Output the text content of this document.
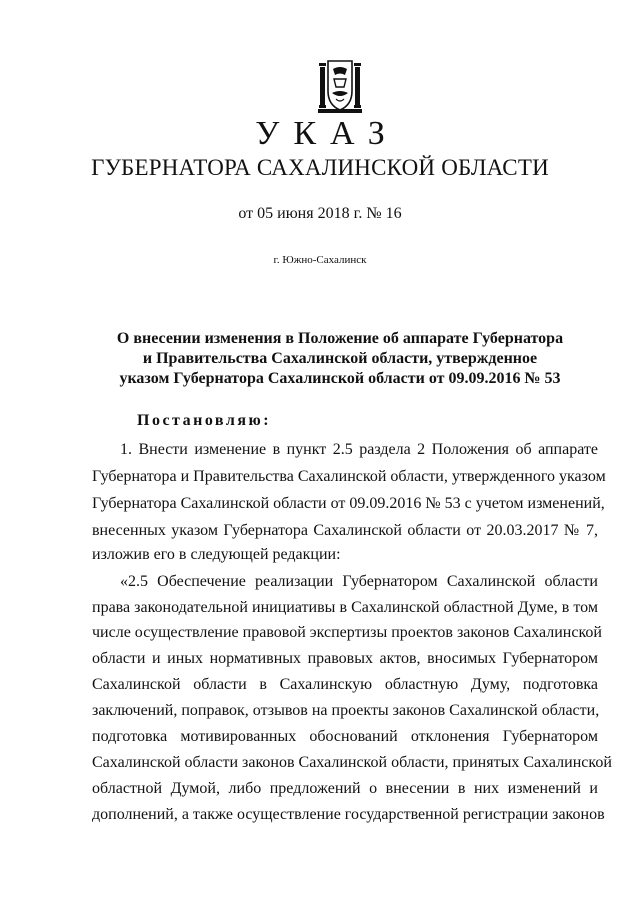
УКАЗ
ГУБЕРНАТОРА САХАЛИНСКОЙ ОБЛАСТИ
от 05 июня 2018 г. № 16
г. Южно-Сахалинск
О внесении изменения в Положение об аппарате Губернатора
и Правительства Сахалинской области, утвержденное
указом Губернатора Сахалинской области от 09.09.2016 № 53
Постановляю:
1. Внести изменение в пункт 2.5 раздела 2 Положения об аппарате
Губернатора и Правительства Сахалинской области, утвержденного указом
Губернатора Сахалинской области от 09.09.2016 № 53 с учетом изменений,
внесенных указом Губернатора Сахалинской области от 20.03.2017 № 7,
изложив его в следующей редакции:
«2.5 Обеспечение реализации Губернатором Сахалинской области
права законодательной инициативы в Сахалинской областной Думе, в том
числе осуществление правовой экспертизы проектов законов Сахалинской
области и иных нормативных правовых актов, вносимых Губернатором
Сахалинской области в Сахалинскую областную Думу, подготовка
заключений, поправок, отзывов на проекты законов Сахалинской области,
подготовка мотивированных обоснований отклонения Губернатором
Сахалинской области законов Сахалинской области, принятых Сахалинской
областной Думой, либо предложений о внесении в них изменений и
дополнений, а также осуществление государственной регистрации законов
